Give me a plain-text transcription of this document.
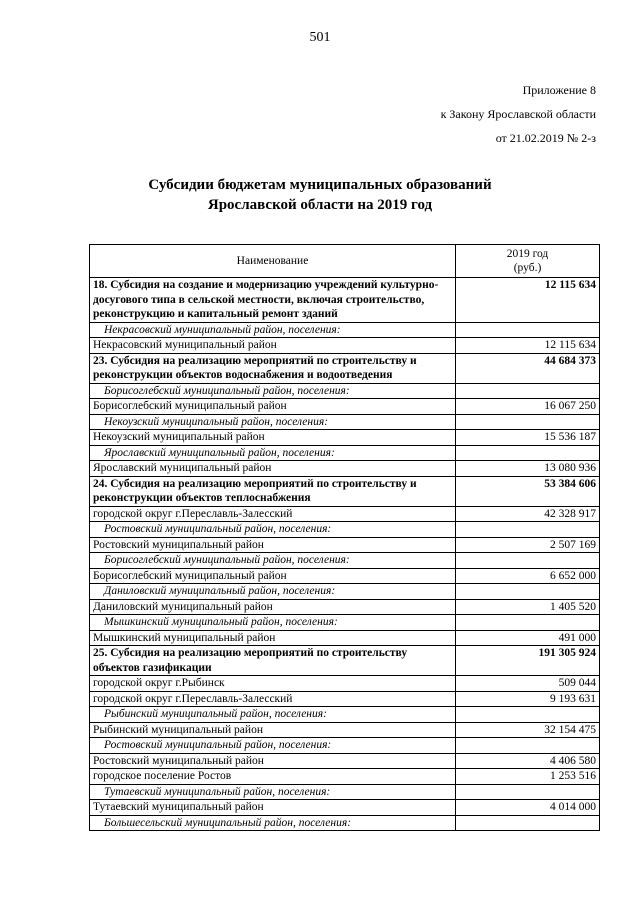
501
Приложение 8
к Закону Ярославской области
от 21.02.2019 № 2-з
Субсидии бюджетам муниципальных образований
Ярославской области на 2019 год
Наименование	2019 год
(руб.)

18. Субсидия на создание и модернизацию учреждений культурно-досугового типа в сельской местности, включая строительство, реконструкцию и капитальный ремонт зданий	12 115 634
Некрасовский муниципальный район, поселения:	
Некрасовский муниципальный район	12 115 634
23. Субсидия на реализацию мероприятий по строительству и реконструкции объектов водоснабжения и водоотведения	44 684 373
Борисоглебский муниципальный район, поселения:	
Борисоглебский муниципальный район	16 067 250
Некоузский муниципальный район, поселения:	
Некоузский муниципальный район	15 536 187
Ярославский муниципальный район, поселения:	
Ярославский муниципальный район	13 080 936
24. Субсидия на реализацию мероприятий по строительству и реконструкции объектов теплоснабжения	53 384 606
городской округ г.Переславль-Залесский	42 328 917
Ростовский муниципальный район, поселения:	
Ростовский муниципальный район	2 507 169
Борисоглебский муниципальный район, поселения:	
Борисоглебский муниципальный район	6 652 000
Даниловский муниципальный район, поселения:	
Даниловский муниципальный район	1 405 520
Мышкинский муниципальный район, поселения:	
Мышкинский муниципальный район	491 000
25. Субсидия на реализацию мероприятий по строительству объектов газификации	191 305 924
городской округ г.Рыбинск	509 044
городской округ г.Переславль-Залесский	9 193 631
Рыбинский муниципальный район, поселения:	
Рыбинский муниципальный район	32 154 475
Ростовский муниципальный район, поселения:	
Ростовский муниципальный район	4 406 580
городское поселение Ростов	1 253 516
Тутаевский муниципальный район, поселения:	
Тутаевский муниципальный район	4 014 000
Большесельский муниципальный район, поселения:	
